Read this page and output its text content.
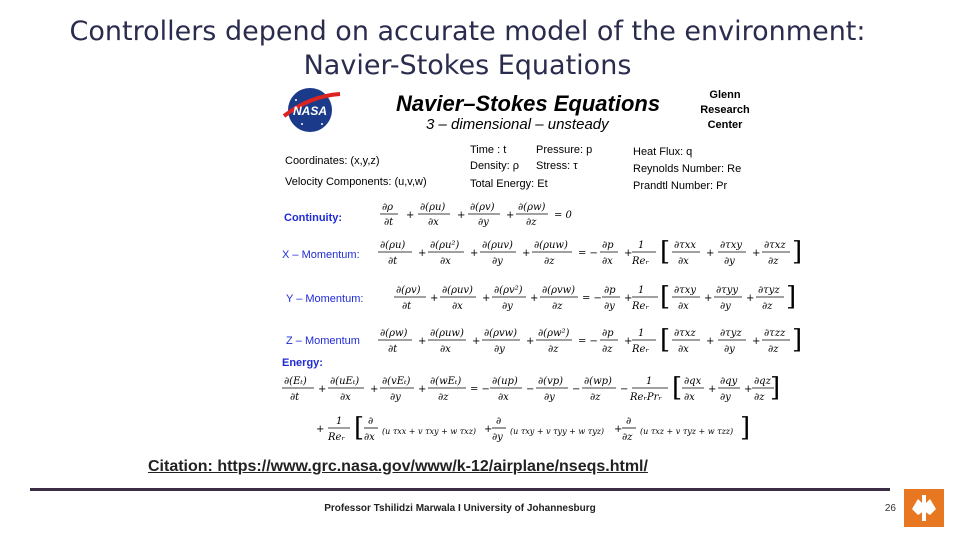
Controllers depend on accurate model of the environment:
Navier-Stokes Equations
NASA	Navier–Stokes Equations
3 – dimensional – unsteady
Glenn
Research
Center
Coordinates: (x,y,z)
Velocity Components: (u,v,w)
Time : t
Density: ρ
Total Energy: Et
Pressure: p
Stress: τ
Heat Flux: q
Reynolds Number: Re
Prandtl Number: Pr
Continuity:
X – Momentum:
Y – Momentum:
Z – Momentum
Energy:
∂ρ
∂t
+
∂(ρu)
∂x
+
∂(ρv)
∂y
+
∂(ρw)
∂z
= 0
∂(ρu)
∂t
+
∂(ρu²)
∂x
+
∂(ρuv)
∂y
+
∂(ρuw)
∂z
= −
∂p
∂x
+
1
Reᵣ [ ∂τxx
∂x
+
∂τxy
∂y
+
∂τxz
∂z ]
∂(ρv)
∂t
+
∂(ρuv)
∂x
+
∂(ρv²)
∂y
+
∂(ρvw)
∂z
= −
∂p
∂y
+
1
Reᵣ [ ∂τxy
∂x
+
∂τyy
∂y
+
∂τyz
∂z ]
∂(ρw)
∂t
+
∂(ρuw)
∂x
+
∂(ρvw)
∂y
+
∂(ρw²)
∂z
= −
∂p
∂z
+
1
Reᵣ [ ∂τxz
∂x
+
∂τyz
∂y
+
∂τzz
∂z ]
∂(Eₜ)
∂t
+
∂(uEₜ)
∂x
+
∂(vEₜ)
∂y
+
∂(wEₜ)
∂z
= −
∂(up)
∂x
−
∂(vp)
∂y
−
∂(wp)
∂z
−
1
ReᵣPrᵣ [ ∂qx
∂x
+
∂qy
∂y
+
∂qz
∂z ]
+
1
Reᵣ [ ∂
∂x
(u τxx + v τxy + w τxz) +
∂
∂y
(u τxy + v τyy + w τyz) +
∂
∂z
(u τxz + v τyz + w τzz) ]
Citation: https://www.grc.nasa.gov/www/k-12/airplane/nseqs.html/
Professor Tshilidzi Marwala I University of Johannesburg	26
